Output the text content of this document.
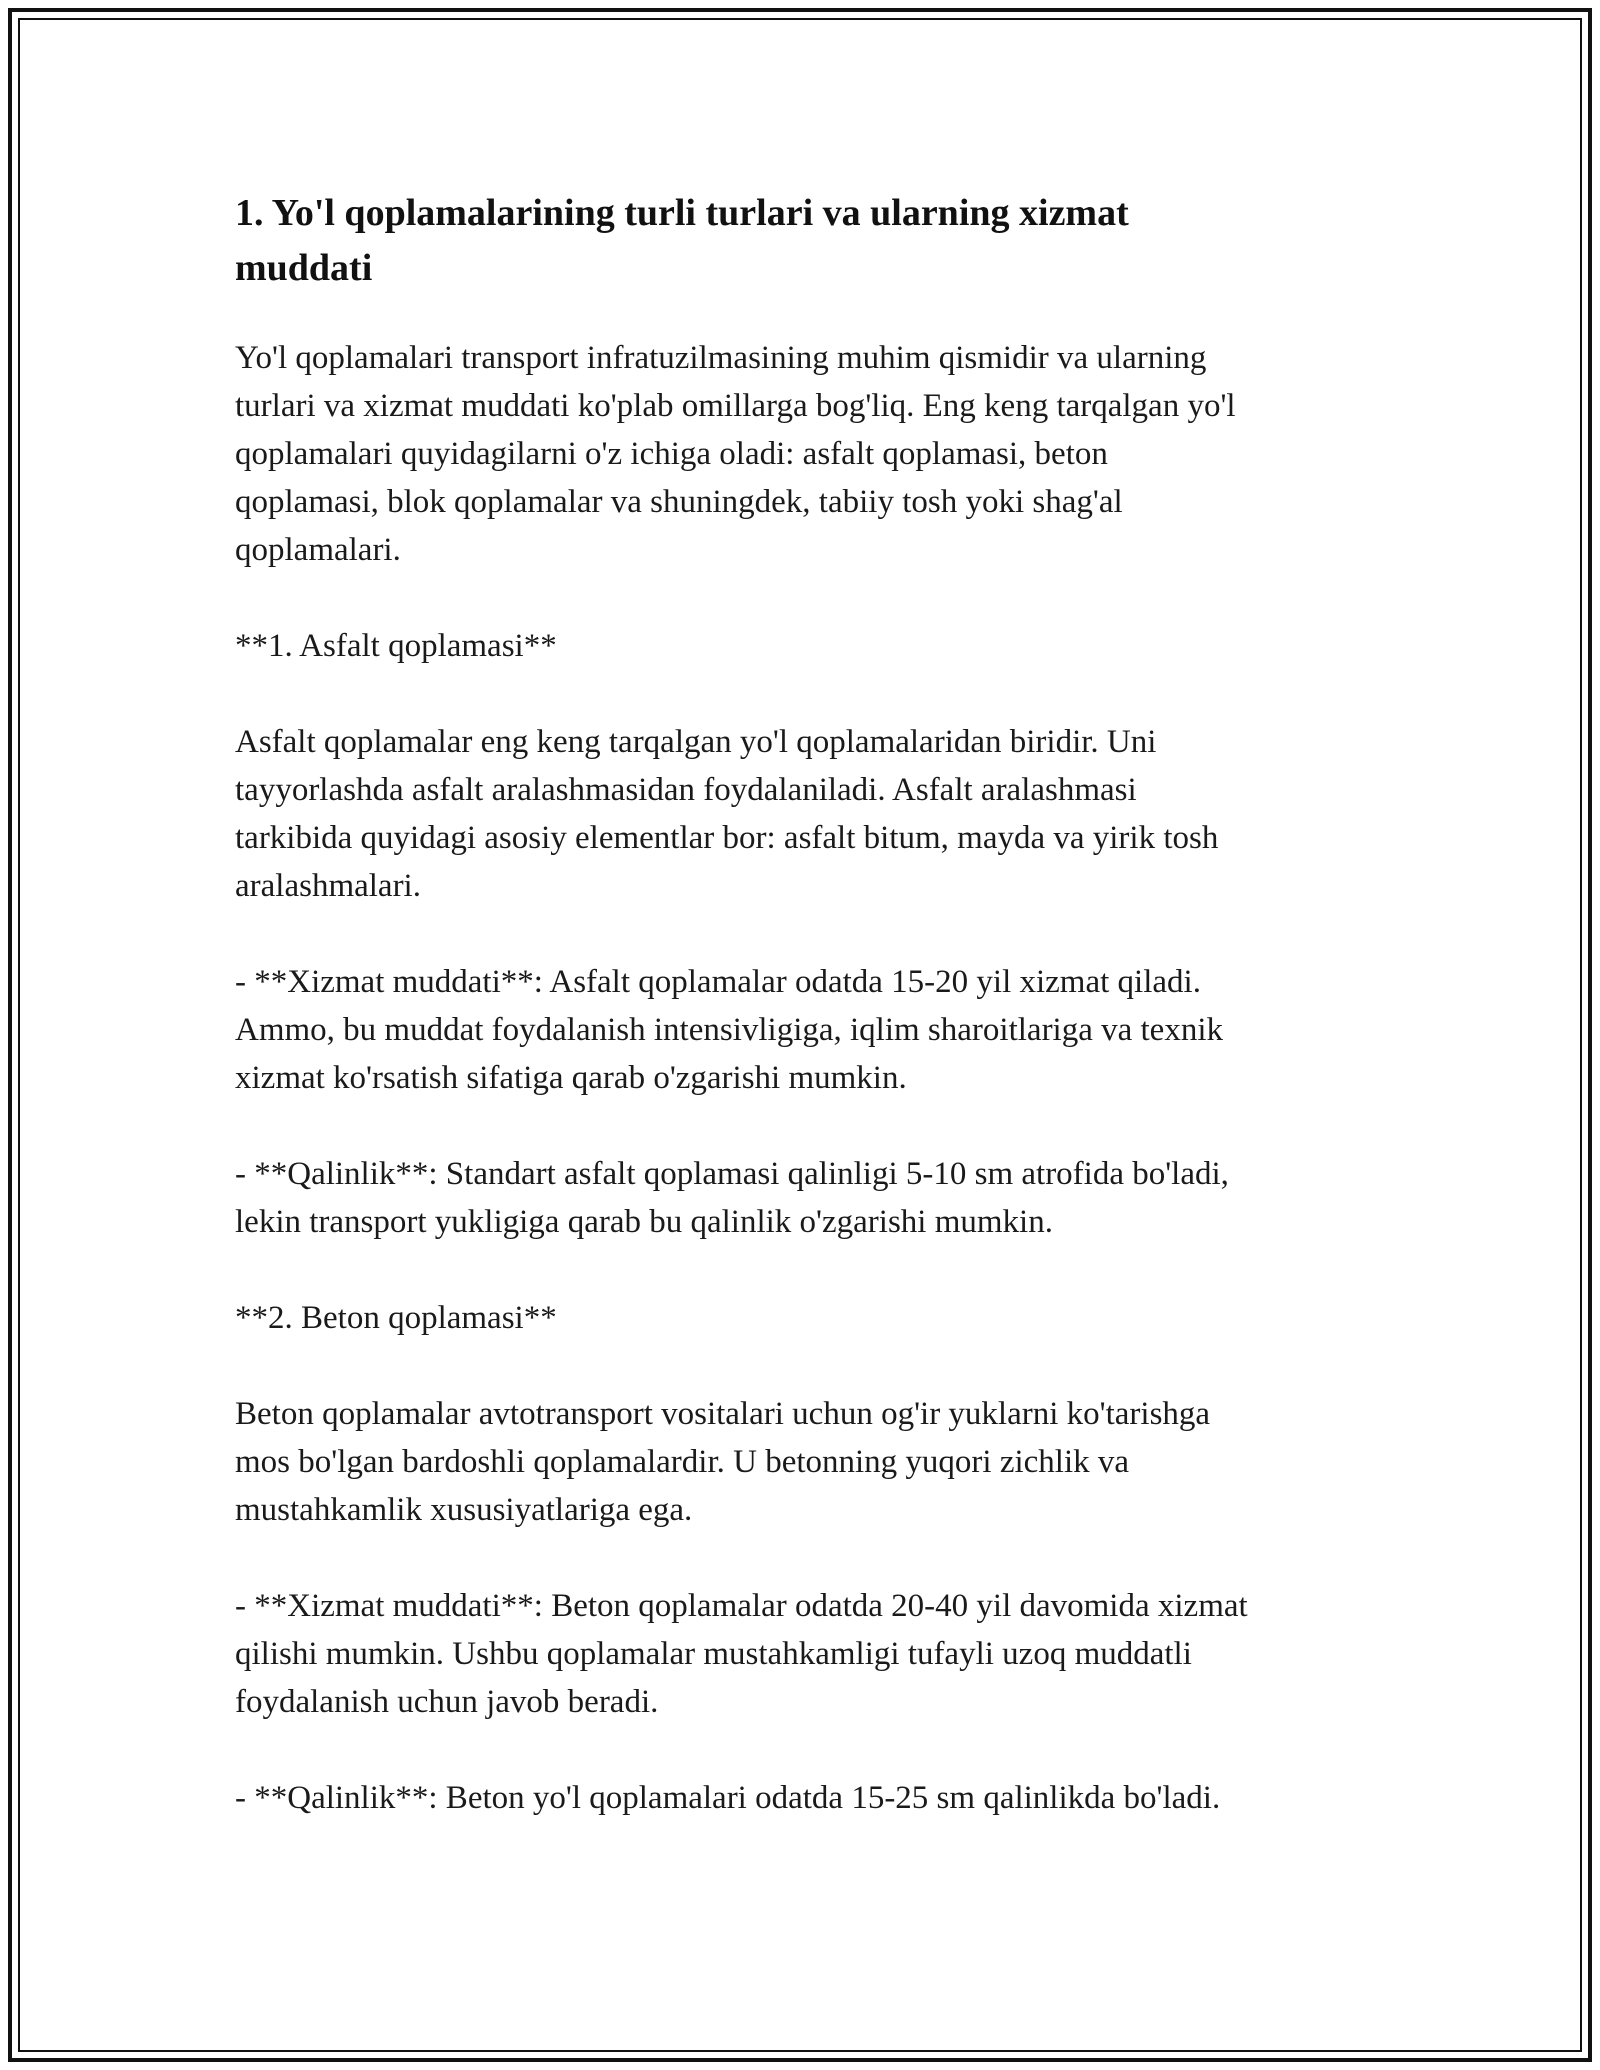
1. Yo'l qoplamalarining turli turlari va ularning xizmat
muddati

Yo'l qoplamalari transport infratuzilmasining muhim qismidir va ularning
turlari va xizmat muddati ko'plab omillarga bog'liq. Eng keng tarqalgan yo'l
qoplamalari quyidagilarni o'z ichiga oladi: asfalt qoplamasi, beton
qoplamasi, blok qoplamalar va shuningdek, tabiiy tosh yoki shag'al
qoplamalari.

**1. Asfalt qoplamasi**

Asfalt qoplamalar eng keng tarqalgan yo'l qoplamalaridan biridir. Uni
tayyorlashda asfalt aralashmasidan foydalaniladi. Asfalt aralashmasi
tarkibida quyidagi asosiy elementlar bor: asfalt bitum, mayda va yirik tosh
aralashmalari.

- **Xizmat muddati**: Asfalt qoplamalar odatda 15-20 yil xizmat qiladi.
Ammo, bu muddat foydalanish intensivligiga, iqlim sharoitlariga va texnik
xizmat ko'rsatish sifatiga qarab o'zgarishi mumkin.

- **Qalinlik**: Standart asfalt qoplamasi qalinligi 5-10 sm atrofida bo'ladi,
lekin transport yukligiga qarab bu qalinlik o'zgarishi mumkin.

**2. Beton qoplamasi**

Beton qoplamalar avtotransport vositalari uchun og'ir yuklarni ko'tarishga
mos bo'lgan bardoshli qoplamalardir. U betonning yuqori zichlik va
mustahkamlik xususiyatlariga ega.

- **Xizmat muddati**: Beton qoplamalar odatda 20-40 yil davomida xizmat
qilishi mumkin. Ushbu qoplamalar mustahkamligi tufayli uzoq muddatli
foydalanish uchun javob beradi.

- **Qalinlik**: Beton yo'l qoplamalari odatda 15-25 sm qalinlikda bo'ladi.
